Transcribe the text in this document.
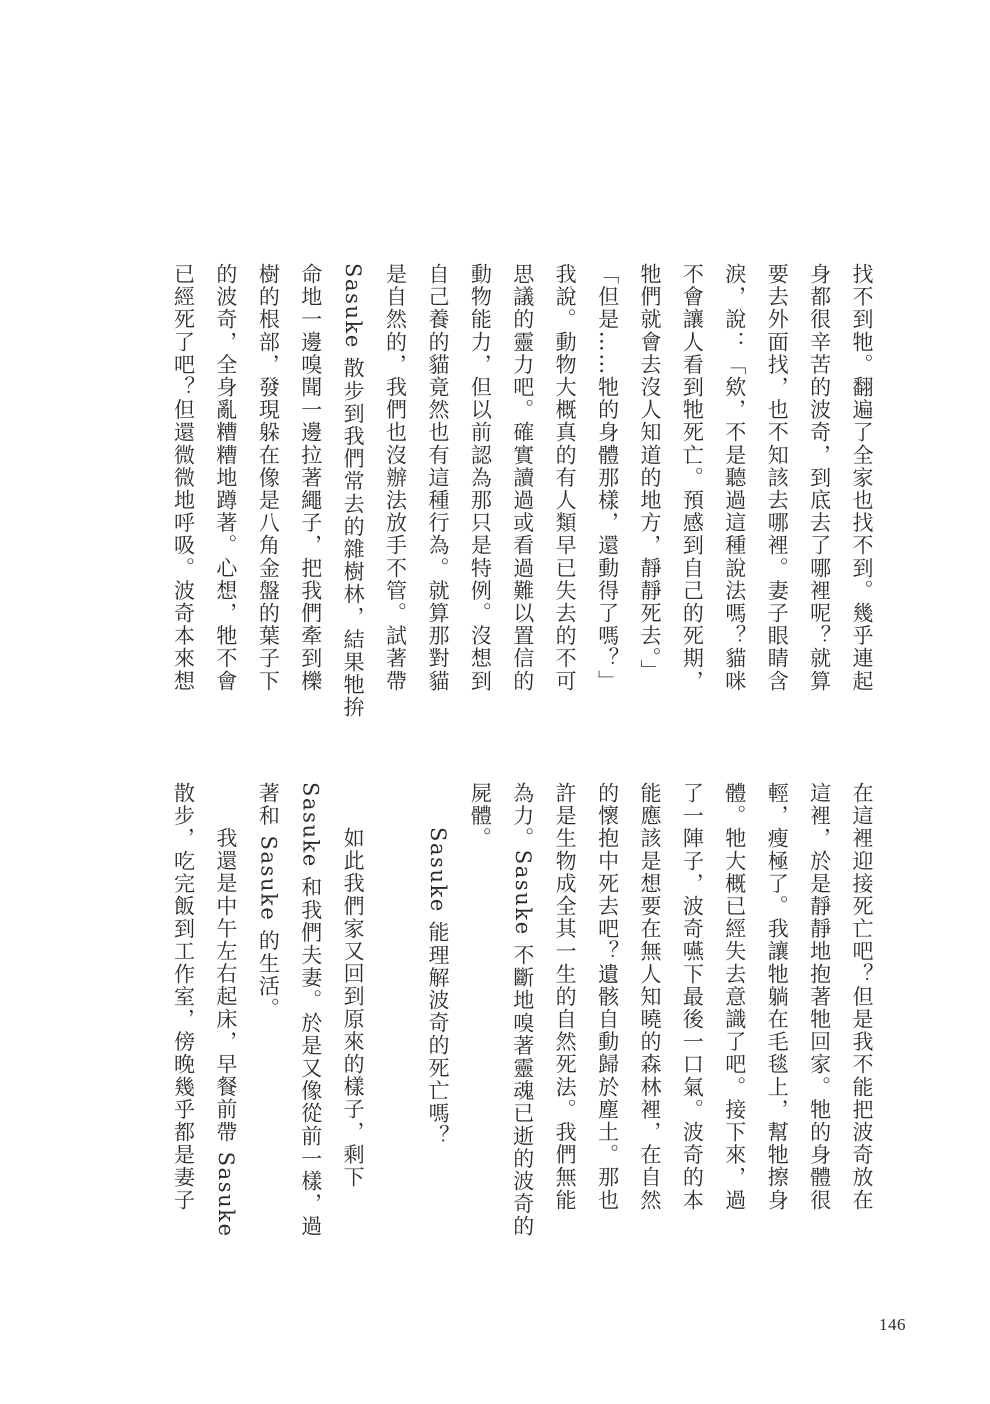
找不到牠。翻遍了全家也找不到。幾乎連起
身都很辛苦的波奇，到底去了哪裡呢？就算
要去外面找，也不知該去哪裡。妻子眼睛含
淚，說：「欸，不是聽過這種說法嗎？貓咪
不會讓人看到牠死亡。預感到自己的死期，
牠們就會去沒人知道的地方，靜靜死去。」
「但是……牠的身體那樣，還動得了嗎？」
我說。動物大概真的有人類早已失去的不可
思議的靈力吧。確實讀過或看過難以置信的
動物能力，但以前認為那只是特例。沒想到
自己養的貓竟然也有這種行為。就算那對貓
是自然的，我們也沒辦法放手不管。試著帶
Sasuke 散步到我們常去的雜樹林，結果牠拚
命地一邊嗅聞一邊拉著繩子，把我們牽到櫟
樹的根部，發現躲在像是八角金盤的葉子下
的波奇，全身亂糟糟地蹲著。心想，牠不會
已經死了吧？但還微微地呼吸。波奇本來想
在這裡迎接死亡吧？但是我不能把波奇放在
這裡，於是靜靜地抱著牠回家。牠的身體很
輕，瘦極了。我讓牠躺在毛毯上，幫牠擦身
體。牠大概已經失去意識了吧。接下來，過
了一陣子，波奇嚥下最後一口氣。波奇的本
能應該是想要在無人知曉的森林裡，在自然
的懷抱中死去吧？遺骸自動歸於塵土。那也
許是生物成全其一生的自然死法。我們無能
為力。Sasuke 不斷地嗅著靈魂已逝的波奇的
屍體。
Sasuke 能理解波奇的死亡嗎？
如此我們家又回到原來的樣子，剩下
Sasuke 和我們夫妻。於是又像從前一樣，過
著和 Sasuke 的生活。
我還是中午左右起床，早餐前帶 Sasuke
散步，吃完飯到工作室，傍晚幾乎都是妻子
146
